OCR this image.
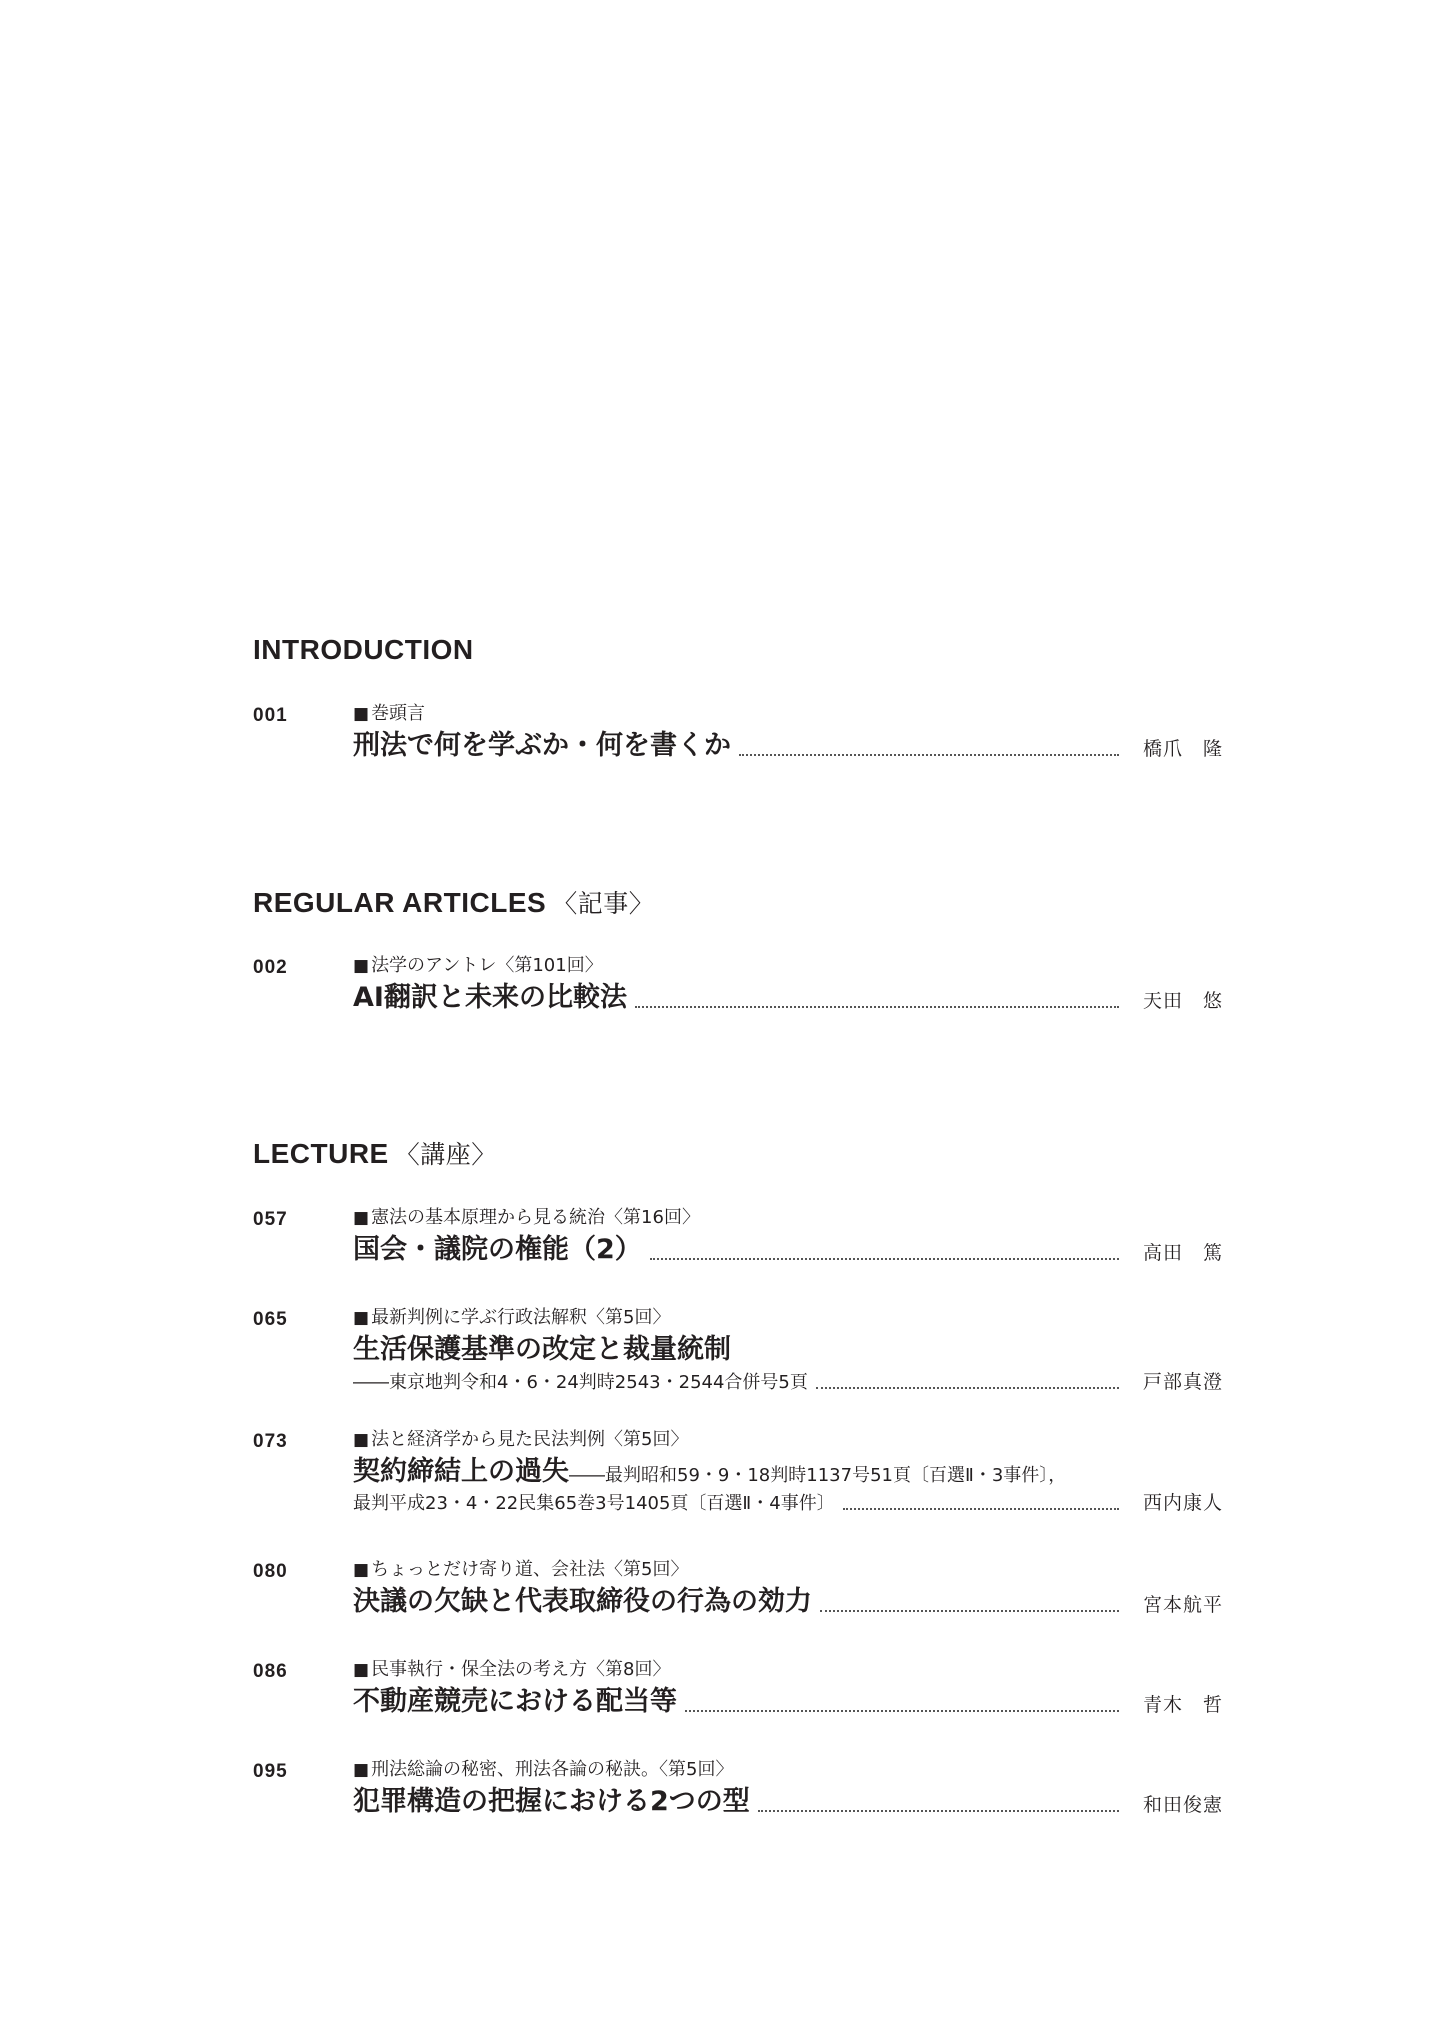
INTRODUCTION
001	■ 巻頭言
刑法で何を学ぶか・何を書くか	橋爪　隆
REGULAR ARTICLES 〈記事〉
002	■ 法学のアントレ〈第101回〉
AI翻訳と未来の比較法	天田　悠
LECTURE 〈講座〉
057	■ 憲法の基本原理から見る統治〈第16回〉
国会・議院の権能（2）	高田　篤
065	■ 最新判例に学ぶ行政法解釈〈第5回〉
生活保護基準の改定と裁量統制
――東京地判令和4・6・24判時2543・2544合併号5頁	戸部真澄
073	■ 法と経済学から見た民法判例〈第5回〉
契約締結上の過失 ――最判昭和59・9・18判時1137号51頁〔百選Ⅱ・3事件〕，
最判平成23・4・22民集65巻3号1405頁〔百選Ⅱ・4事件〕	西内康人
080	■ ちょっとだけ寄り道、会社法〈第5回〉
決議の欠缺と代表取締役の行為の効力	宮本航平
086	■ 民事執行・保全法の考え方〈第8回〉
不動産競売における配当等	青木　哲
095	■ 刑法総論の秘密、刑法各論の秘訣。〈第5回〉
犯罪構造の把握における2つの型	和田俊憲
